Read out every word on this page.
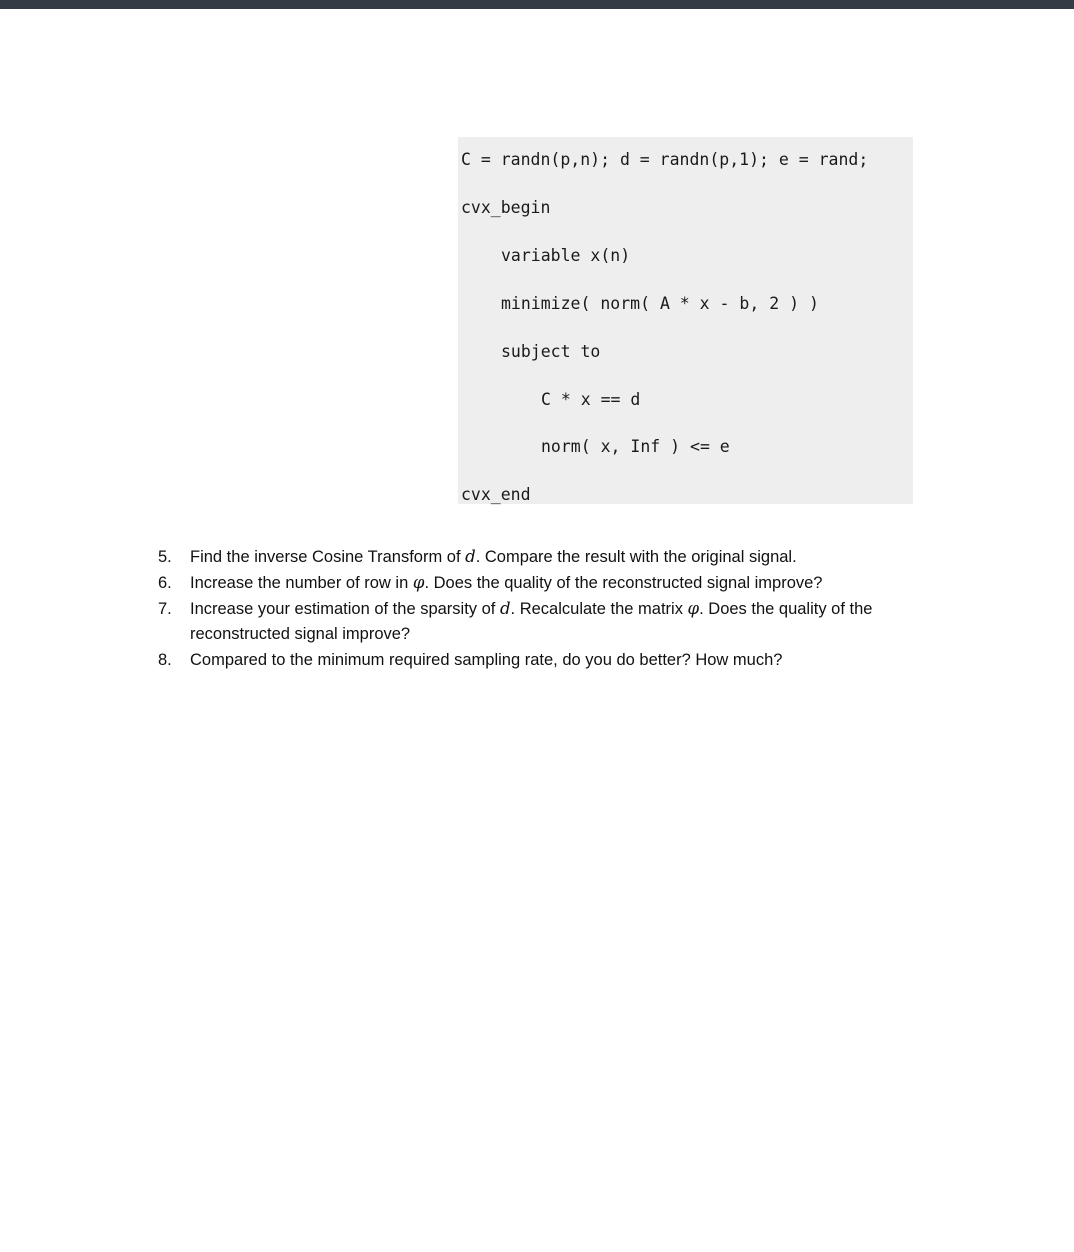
C = randn(p,n); d = randn(p,1); e = rand;
cvx_begin
variable x(n)
minimize( norm( A * x - b, 2 ) )
subject to
C * x == d
norm( x, Inf ) <= e
cvx_end
5. Find the inverse Cosine Transform of d. Compare the result with the original signal.
6. Increase the number of row in φ. Does the quality of the reconstructed signal improve?
7. Increase your estimation of the sparsity of d. Recalculate the matrix φ. Does the quality of the
reconstructed signal improve?
8. Compared to the minimum required sampling rate, do you do better? How much?
